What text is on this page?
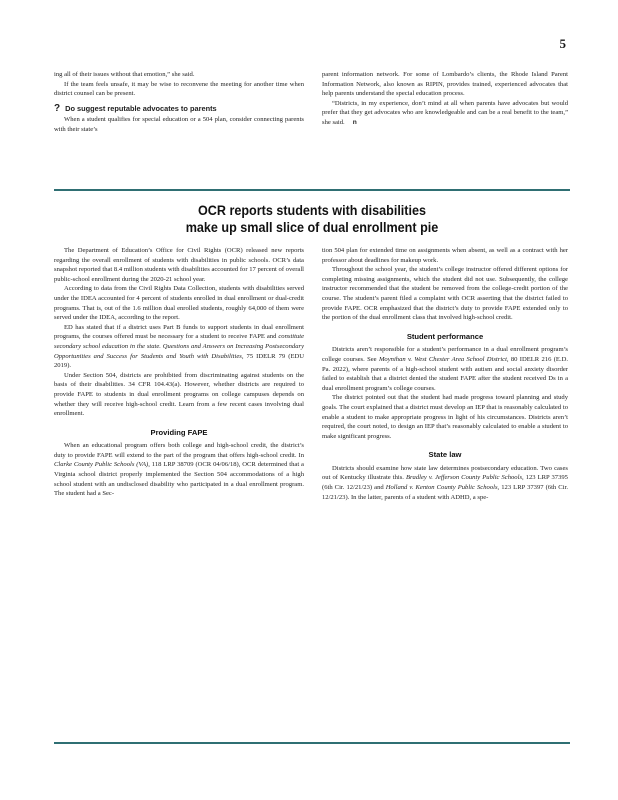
5

ing all of their issues without that emotion,” she said.

If the team feels unsafe, it may be wise to reconvene the meeting for another time when district counsel can be present.

? Do suggest reputable advocates to parents

When a student qualifies for special education or a 504 plan, consider connecting parents with their state’s

parent information network. For some of Lombardo’s clients, the Rhode Island Parent Information Network, also known as RIPIN, provides trained, experienced advocates that help parents understand the special education process.

“Districts, in my experience, don’t mind at all when parents have advocates but would prefer that they get advocates who are knowledgeable and can be a real benefit to the team,” she said. n

OCR reports students with disabilities
make up small slice of dual enrollment pie

The Department of Education’s Office for Civil Rights (OCR) released new reports regarding the overall enrollment of students with disabilities in public schools. OCR’s data snapshot reported that 8.4 million students with disabilities accounted for 17 percent of overall public-school enrollment during the 2020-21 school year.

According to data from the Civil Rights Data Collection, students with disabilities served under the IDEA accounted for 4 percent of students enrolled in dual enrollment or dual-credit programs. That is, out of the 1.6 million dual enrolled students, roughly 64,000 of them were served under the IDEA, according to the report.

ED has stated that if a district uses Part B funds to support students in dual enrollment programs, the courses offered must be necessary for a student to receive FAPE and constitute secondary school education in the state. Questions and Answers on Increasing Postsecondary Opportunities and Success for Students and Youth with Disabilities, 75 IDELR 79 (EDU 2019).

Under Section 504, districts are prohibited from discriminating against students on the basis of their disabilities. 34 CFR 104.43(a). However, whether districts are required to provide FAPE to students in dual enrollment programs on college campuses depends on whether they will receive high-school credit. Learn from a few recent cases involving dual enrollment.

Providing FAPE

When an educational program offers both college and high-school credit, the district’s duty to provide FAPE will extend to the part of the program that offers high-school credit. In Clarke County Public Schools (VA), 118 LRP 38709 (OCR 04/06/18), OCR determined that a Virginia school district properly implemented the Section 504 accommodations of a high school student with an undisclosed disability who participated in a dual enrollment program. The student had a Sec-

tion 504 plan for extended time on assignments when absent, as well as a contract with her professor about deadlines for makeup work.

Throughout the school year, the student’s college instructor offered different options for completing missing assignments, which the student did not use. Subsequently, the college instructor recommended that the student be removed from the college-credit portion of the course. The student’s parent filed a complaint with OCR asserting that the district failed to provide FAPE. OCR emphasized that the district’s duty to provide FAPE extended only to the portion of the dual enrollment class that involved high-school credit.

Student performance

Districts aren’t responsible for a student’s performance in a dual enrollment program’s college courses. See Moynihan v. West Chester Area School District, 80 IDELR 216 (E.D. Pa. 2022), where parents of a high-school student with autism and social anxiety disorder failed to establish that a district denied the student FAPE after the student received Ds in a dual enrollment program’s college courses.

The district pointed out that the student had made progress toward planning and study goals. The court explained that a district must develop an IEP that is reasonably calculated to enable a student to make appropriate progress in light of his circumstances. Districts aren’t required, the court noted, to design an IEP that’s reasonably calculated to enable a student to make significant progress.

State law

Districts should examine how state law determines postsecondary education. Two cases out of Kentucky illustrate this. Bradley v. Jefferson County Public Schools, 123 LRP 37395 (6th Cir. 12/21/23) and Holland v. Kenton County Public Schools, 123 LRP 37397 (6th Cir. 12/21/23). In the latter, parents of a student with ADHD, a spe-
